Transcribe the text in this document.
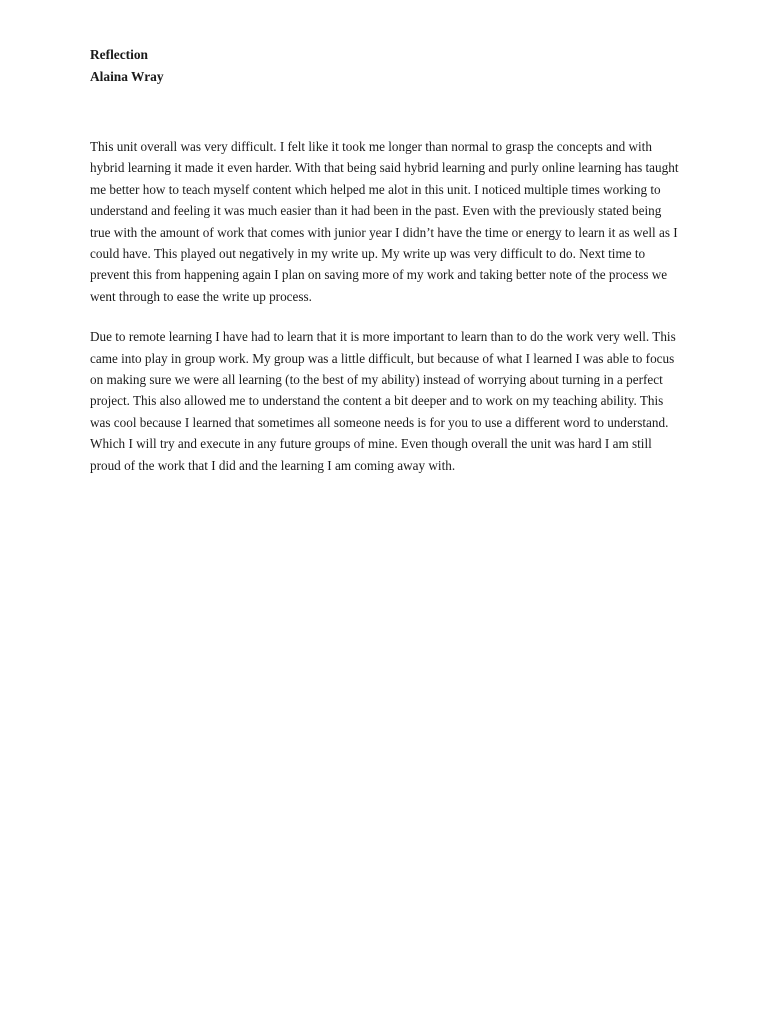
Reflection

Alaina Wray

This unit overall was very difficult. I felt like it took me longer than normal to grasp the concepts and with hybrid learning it made it even harder. With that being said hybrid learning and purly online learning has taught me better how to teach myself content which helped me alot in this unit. I noticed multiple times working to understand and feeling it was much easier than it had been in the past. Even with the previously stated being true with the amount of work that comes with junior year I didn’t have the time or energy to learn it as well as I could have. This played out negatively in my write up. My write up was very difficult to do. Next time to prevent this from happening again I plan on saving more of my work and taking better note of the process we went through to ease the write up process.

Due to remote learning I have had to learn that it is more important to learn than to do the work very well. This came into play in group work. My group was a little difficult, but because of what I learned I was able to focus on making sure we were all learning (to the best of my ability) instead of worrying about turning in a perfect project. This also allowed me to understand the content a bit deeper and to work on my teaching ability. This was cool because I learned that sometimes all someone needs is for you to use a different word to understand. Which I will try and execute in any future groups of mine. Even though overall the unit was hard I am still proud of the work that I did and the learning I am coming away with.
